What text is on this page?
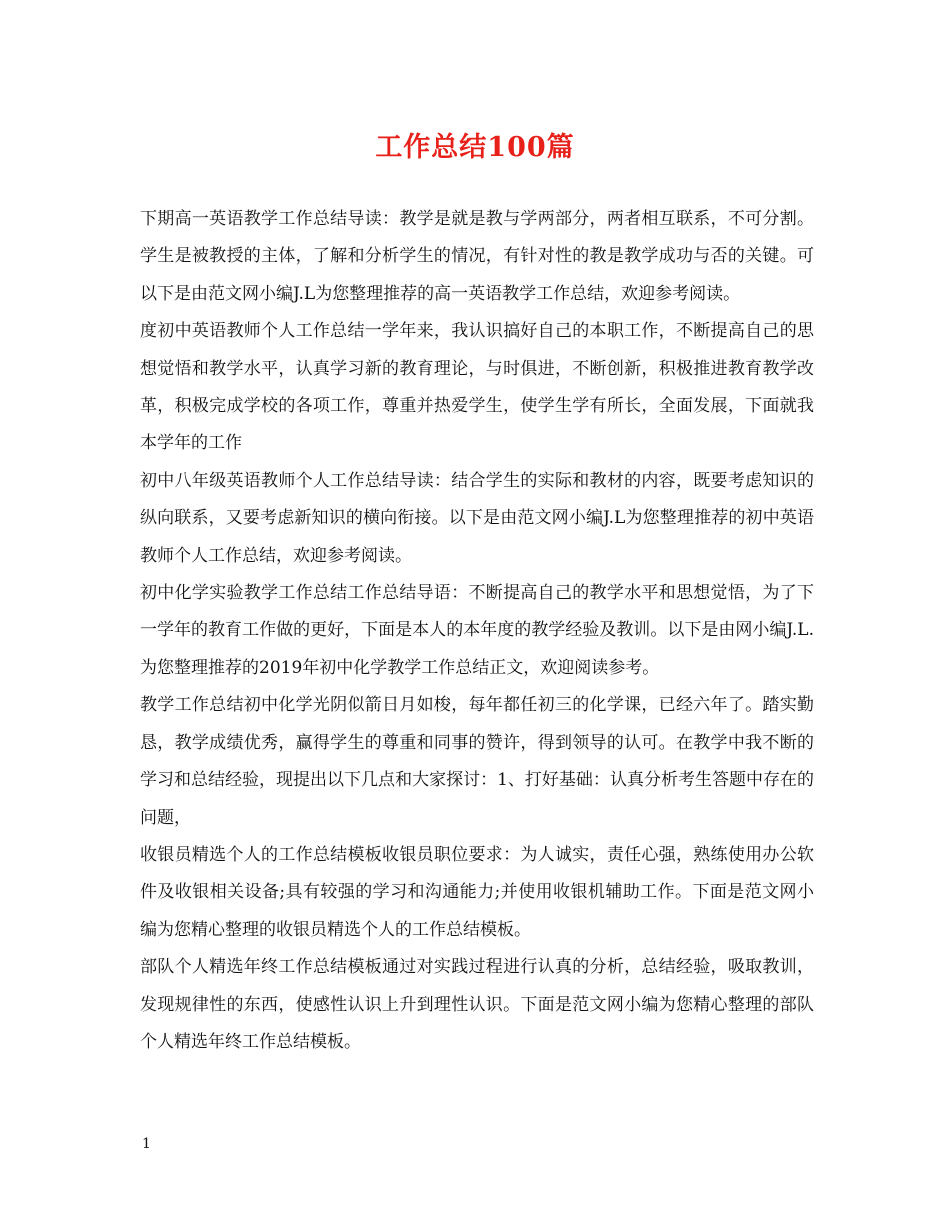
工作总结100篇

下期高一英语教学工作总结导读：教学是就是教与学两部分，两者相互联系，不可分割。学生是被教授的主体，了解和分析学生的情况，有针对性的教是教学成功与否的关键。可以下是由范文网小编J.L为您整理推荐的高一英语教学工作总结，欢迎参考阅读。

度初中英语教师个人工作总结一学年来，我认识搞好自己的本职工作，不断提高自己的思想觉悟和教学水平，认真学习新的教育理论，与时俱进，不断创新，积极推进教育教学改革，积极完成学校的各项工作，尊重并热爱学生，使学生学有所长，全面发展，下面就我本学年的工作

初中八年级英语教师个人工作总结导读：结合学生的实际和教材的内容，既要考虑知识的纵向联系，又要考虑新知识的横向衔接。以下是由范文网小编J.L为您整理推荐的初中英语教师个人工作总结，欢迎参考阅读。

初中化学实验教学工作总结工作总结导语：不断提高自己的教学水平和思想觉悟，为了下一学年的教育工作做的更好，下面是本人的本年度的教学经验及教训。以下是由网小编J.L.为您整理推荐的2019年初中化学教学工作总结正文，欢迎阅读参考。

教学工作总结初中化学光阴似箭日月如梭，每年都任初三的化学课，已经六年了。踏实勤恳，教学成绩优秀，赢得学生的尊重和同事的赞许，得到领导的认可。在教学中我不断的学习和总结经验，现提出以下几点和大家探讨：1、打好基础：认真分析考生答题中存在的问题，

收银员精选个人的工作总结模板收银员职位要求：为人诚实，责任心强，熟练使用办公软件及收银相关设备;具有较强的学习和沟通能力;并使用收银机辅助工作。下面是范文网小编为您精心整理的收银员精选个人的工作总结模板。

部队个人精选年终工作总结模板通过对实践过程进行认真的分析，总结经验，吸取教训，发现规律性的东西，使感性认识上升到理性认识。下面是范文网小编为您精心整理的部队个人精选年终工作总结模板。

1
